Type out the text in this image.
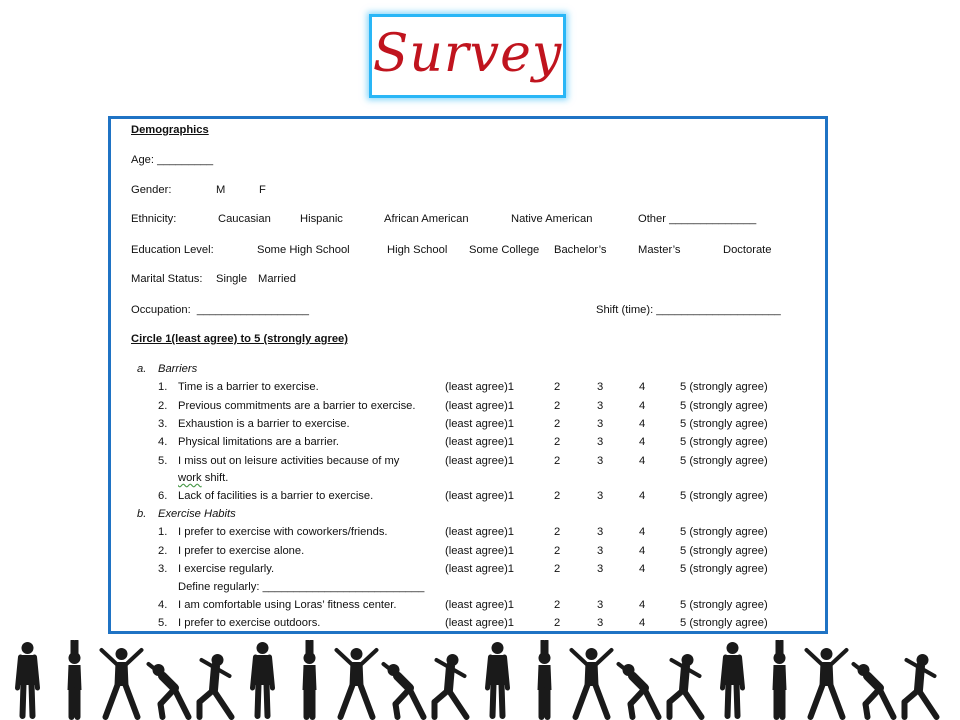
Survey
Demographics
Age: _________
Gender:	M	F
Ethnicity:	Caucasian	Hispanic	African American	Native American	Other ______________
Education Level:	Some High School	High School Some College Bachelor’s	Master’s	Doctorate
Marital Status: Single Married
Occupation:  __________________	Shift (time): ____________________
Circle 1(least agree) to 5 (strongly agree)
a. Barriers
1. Time is a barrier to exercise.	(least agree)1	2	3	4	5 (strongly agree)
2. Previous commitments are a barrier to exercise.	(least agree)1	2	3	4	5 (strongly agree)
3. Exhaustion is a barrier to exercise.	(least agree)1	2	3	4	5 (strongly agree)
4. Physical limitations are a barrier.	(least agree)1	2	3	4	5 (strongly agree)
5. I miss out on leisure activities because of my	(least agree)1	2	3	4	5 (strongly agree)
work shift.
6. Lack of facilities is a barrier to exercise.	(least agree)1	2	3	4	5 (strongly agree)
b. Exercise Habits
1. I prefer to exercise with coworkers/friends.	(least agree)1	2	3	4	5 (strongly agree)
2. I prefer to exercise alone.	(least agree)1	2	3	4	5 (strongly agree)
3. I exercise regularly.	(least agree)1	2	3	4	5 (strongly agree)
Define regularly: __________________________
4. I am comfortable using Loras’ fitness center.	(least agree)1	2	3	4	5 (strongly agree)
5. I prefer to exercise outdoors.	(least agree)1	2	3	4	5 (strongly agree)
